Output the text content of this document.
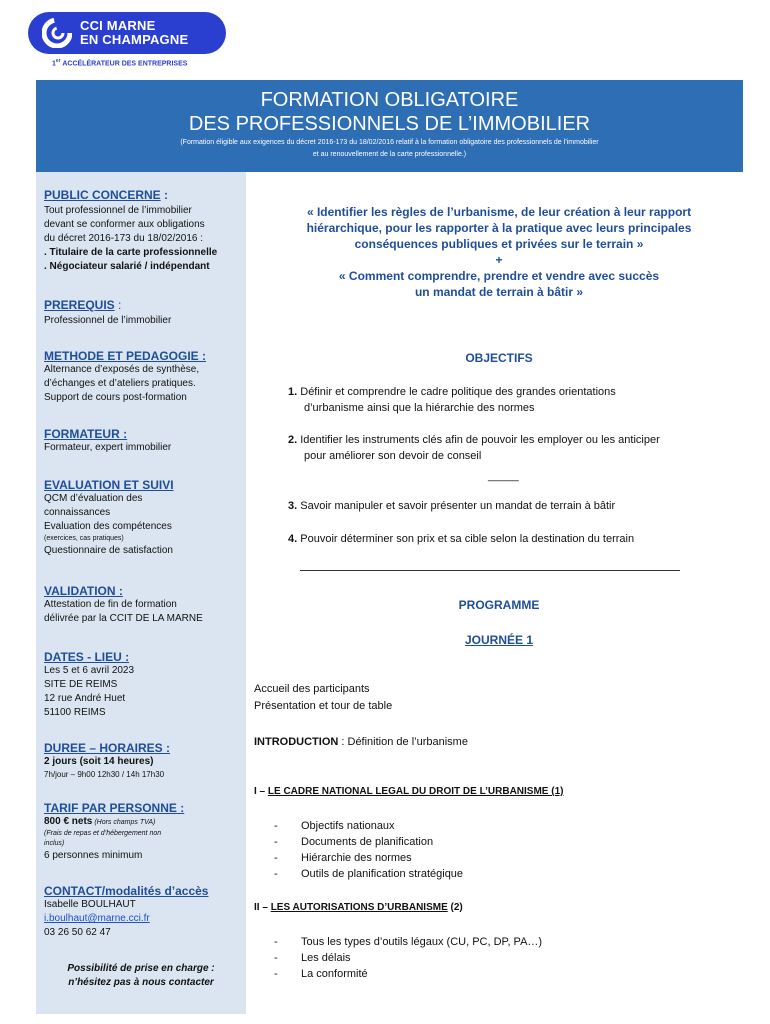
CCI MARNE
EN CHAMPAGNE
1er ACCÉLÉRATEUR DES ENTREPRISES
FORMATION OBLIGATOIRE
DES PROFESSIONNELS DE L’IMMOBILIER
(Formation éligible aux exigences du décret 2016-173 du 18/02/2016 relatif à la formation obligatoire des professionnels de l’immobilier
et au renouvellement de la carte professionnelle.)
PUBLIC CONCERNE :
Tout professionnel de l’immobilier
devant se conformer aux obligations
du décret 2016-173 du 18/02/2016 :
. Titulaire de la carte professionnelle
. Négociateur salarié / indépendant
PREREQUIS :
Professionnel de l’immobilier
METHODE ET PEDAGOGIE :
Alternance d’exposés de synthèse,
d’échanges et d’ateliers pratiques.
Support de cours post-formation
FORMATEUR :
Formateur, expert immobilier
EVALUATION ET SUIVI
QCM d’évaluation des
connaissances
Evaluation des compétences
(exercices, cas pratiques)
Questionnaire de satisfaction
VALIDATION :
Attestation de fin de formation
délivrée par la CCIT DE LA MARNE
DATES - LIEU :
Les 5 et 6 avril 2023
SITE DE REIMS
12 rue André Huet
51100 REIMS
DUREE – HORAIRES :
2 jours (soit 14 heures)
7h/jour – 9h00 12h30 / 14h 17h30
TARIF PAR PERSONNE :
800 € nets (Hors champs TVA)
(Frais de repas et d’hébergement non
inclus)
6 personnes minimum
CONTACT/modalités d’accès
Isabelle BOULHAUT
i.boulhaut@marne.cci.fr
03 26 50 62 47
Possibilité de prise en charge :
n’hésitez pas à nous contacter
« Identifier les règles de l’urbanisme, de leur création à leur rapport
hiérarchique, pour les rapporter à la pratique avec leurs principales
conséquences publiques et privées sur le terrain »
+
« Comment comprendre, prendre et vendre avec succès
un mandat de terrain à bâtir »
OBJECTIFS
1. Définir et comprendre le cadre politique des grandes orientations
d’urbanisme ainsi que la hiérarchie des normes
2. Identifier les instruments clés afin de pouvoir les employer ou les anticiper
pour améliorer son devoir de conseil
_____
3. Savoir manipuler et savoir présenter un mandat de terrain à bâtir
4. Pouvoir déterminer son prix et sa cible selon la destination du terrain
PROGRAMME
JOURNÉE 1
Accueil des participants
Présentation et tour de table
INTRODUCTION : Définition de l’urbanisme
I – LE CADRE NATIONAL LEGAL DU DROIT DE L’URBANISME (1)
-	Objectifs nationaux
-	Documents de planification
-	Hiérarchie des normes
-	Outils de planification stratégique
II – LES AUTORISATIONS D’URBANISME (2)
-	Tous les types d’outils légaux (CU, PC, DP, PA…)
-	Les délais
-	La conformité
